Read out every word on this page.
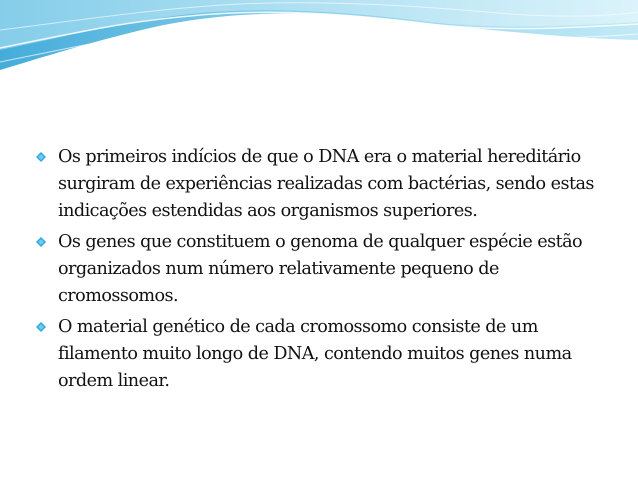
Os primeiros indícios de que o DNA era o material hereditário surgiram de experiências realizadas com bactérias, sendo estas indicações estendidas aos organismos superiores.
Os genes que constituem o genoma de qualquer espécie estão organizados num número relativamente pequeno de cromossomos.
O material genético de cada cromossomo consiste de um filamento muito longo de DNA, contendo muitos genes numa ordem linear.
